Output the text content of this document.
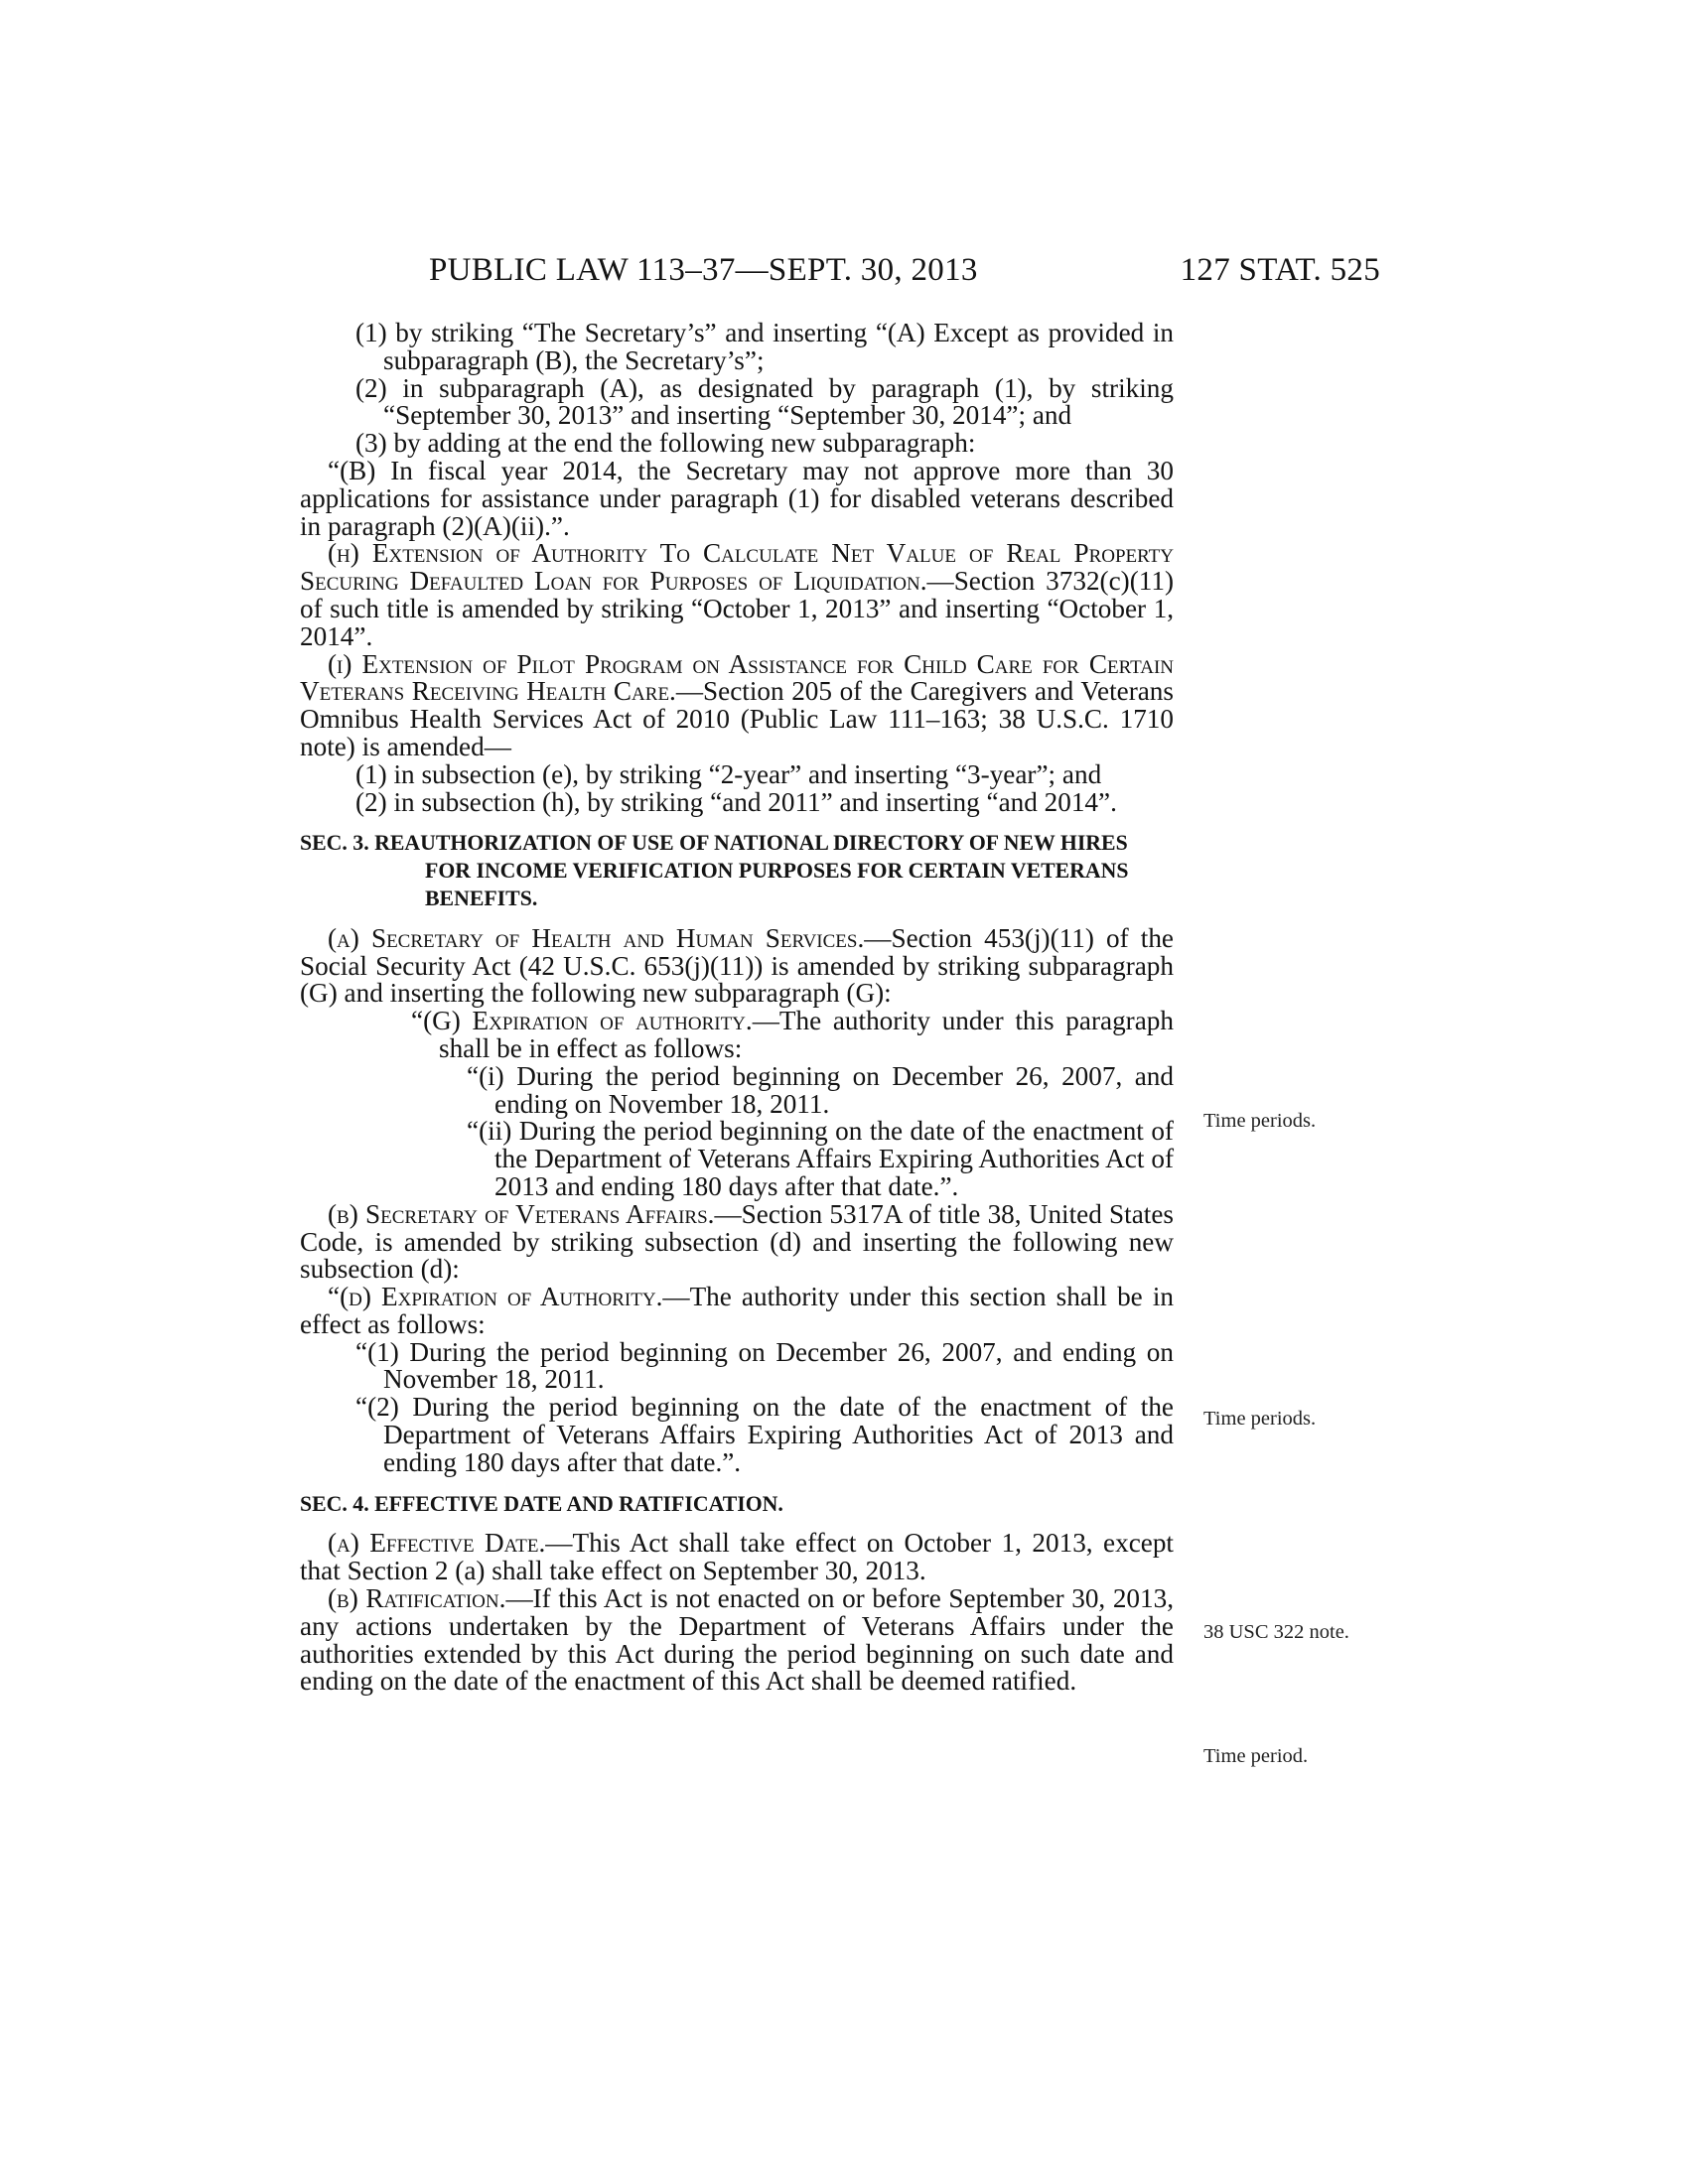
PUBLIC LAW 113–37—SEPT. 30, 2013	127 STAT. 525

(1) by striking “The Secretary’s” and inserting “(A) Except as provided in subparagraph (B), the Secretary’s”;

(2) in subparagraph (A), as designated by paragraph (1), by striking “September 30, 2013” and inserting “September 30, 2014”; and

(3) by adding at the end the following new subparagraph:

“(B) In fiscal year 2014, the Secretary may not approve more than 30 applications for assistance under paragraph (1) for disabled veterans described in paragraph (2)(A)(ii).”.

(h) Extension of Authority To Calculate Net Value of Real Property Securing Defaulted Loan for Purposes of Liquidation.—Section 3732(c)(11) of such title is amended by striking “October 1, 2013” and inserting “October 1, 2014”.

(i) Extension of Pilot Program on Assistance for Child Care for Certain Veterans Receiving Health Care.—Section 205 of the Caregivers and Veterans Omnibus Health Services Act of 2010 (Public Law 111–163; 38 U.S.C. 1710 note) is amended—

(1) in subsection (e), by striking “2-year” and inserting “3-year”; and

(2) in subsection (h), by striking “and 2011” and inserting “and 2014”.

SEC. 3. REAUTHORIZATION OF USE OF NATIONAL DIRECTORY OF NEW HIRES FOR INCOME VERIFICATION PURPOSES FOR CERTAIN VETERANS BENEFITS.

(a) Secretary of Health and Human Services.—Section 453(j)(11) of the Social Security Act (42 U.S.C. 653(j)(11)) is amended by striking subparagraph (G) and inserting the following new subparagraph (G):

“(G) Expiration of authority.—The authority under this paragraph shall be in effect as follows:

“(i) During the period beginning on December 26, 2007, and ending on November 18, 2011.

“(ii) During the period beginning on the date of the enactment of the Department of Veterans Affairs Expiring Authorities Act of 2013 and ending 180 days after that date.”.

(b) Secretary of Veterans Affairs.—Section 5317A of title 38, United States Code, is amended by striking subsection (d) and inserting the following new subsection (d):

“(d) Expiration of Authority.—The authority under this section shall be in effect as follows:

“(1) During the period beginning on December 26, 2007, and ending on November 18, 2011.

“(2) During the period beginning on the date of the enactment of the Department of Veterans Affairs Expiring Authorities Act of 2013 and ending 180 days after that date.”.

SEC. 4. EFFECTIVE DATE AND RATIFICATION.

(a) Effective Date.—This Act shall take effect on October 1, 2013, except that Section 2 (a) shall take effect on September 30, 2013.

(b) Ratification.—If this Act is not enacted on or before September 30, 2013, any actions undertaken by the Department of Veterans Affairs under the authorities extended by this Act during the period beginning on such date and ending on the date of the enactment of this Act shall be deemed ratified.

Time periods.
Time periods.
38 USC 322 note.
Time period.
